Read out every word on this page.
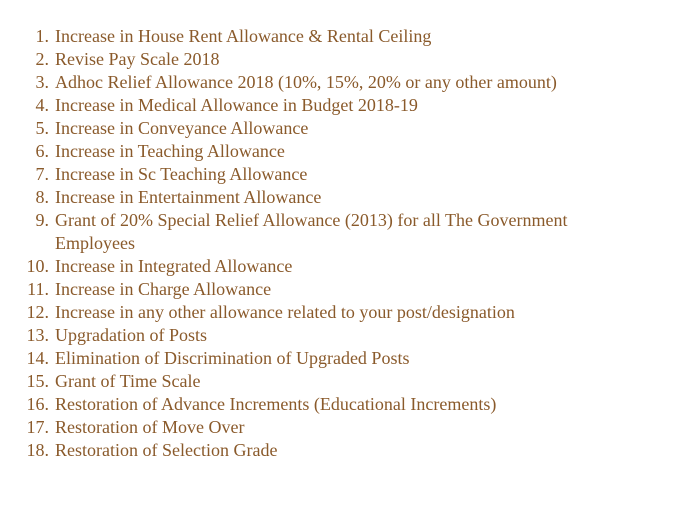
1. Increase in House Rent Allowance & Rental Ceiling
2. Revise Pay Scale 2018
3. Adhoc Relief Allowance 2018 (10%, 15%, 20% or any other amount)
4. Increase in Medical Allowance in Budget 2018-19
5. Increase in Conveyance Allowance
6. Increase in Teaching Allowance
7. Increase in Sc Teaching Allowance
8. Increase in Entertainment Allowance
9. Grant of 20% Special Relief Allowance (2013) for all The Government Employees
10. Increase in Integrated Allowance
11. Increase in Charge Allowance
12. Increase in any other allowance related to your post/designation
13. Upgradation of Posts
14. Elimination of Discrimination of Upgraded Posts
15. Grant of Time Scale
16. Restoration of Advance Increments (Educational Increments)
17. Restoration of Move Over
18. Restoration of Selection Grade
